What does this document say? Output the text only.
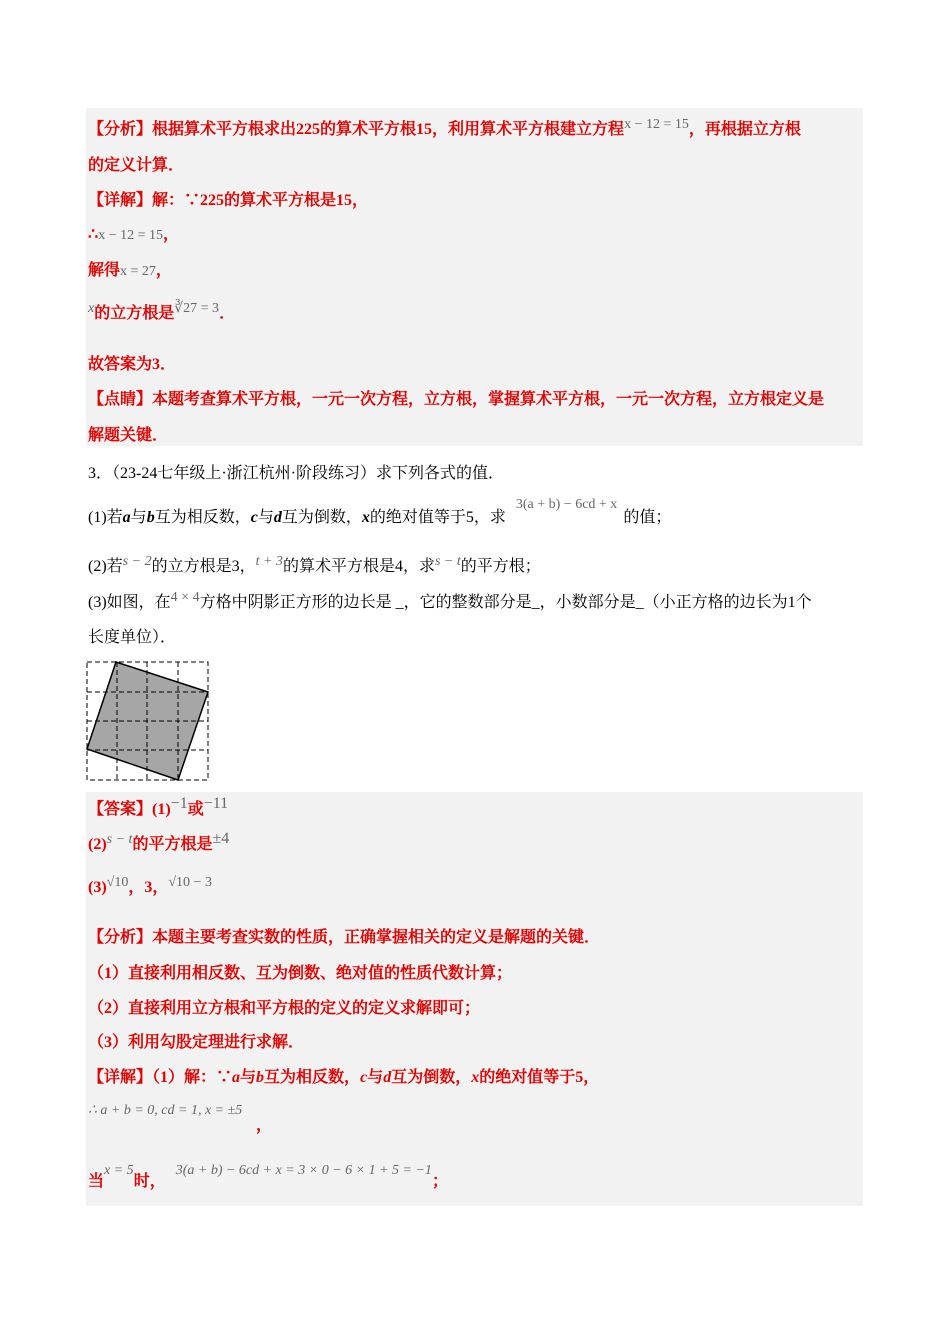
【分析】根据算术平方根求出225的算术平方根15，利用算术平方根建立方程x − 12 = 15，再根据立方根
的定义计算．
【详解】解：∵225的算术平方根是15，
∴x − 12 = 15，
解得x = 27，
x的立方根是∛27 = 3．
故答案为3．
【点睛】本题考查算术平方根，一元一次方程，立方根，掌握算术平方根，一元一次方程，立方根定义是
解题关键．
3．（23-24七年级上·浙江杭州·阶段练习）求下列各式的值．
(1)若a与b互为相反数，c与d互为倒数，x的绝对值等于5，求3(a + b) − 6cd + x的值；
(2)若s − 2的立方根是3，t + 3的算术平方根是4，求s − t的平方根；
(3)如图，在4 × 4方格中阴影正方形的边长是 _，它的整数部分是_，小数部分是_（小正方格的边长为1个
长度单位）．
【答案】(1)−1或−11
(2)s − t的平方根是±4
(3)√10，3，√10 − 3
【分析】本题主要考查实数的性质，正确掌握相关的定义是解题的关键．
（1）直接利用相反数、互为倒数、绝对值的性质代数计算；
（2）直接利用立方根和平方根的定义的定义求解即可；
（3）利用勾股定理进行求解．
【详解】（1）解：∵a与b互为相反数，c与d互为倒数，x的绝对值等于5，
∴ a + b = 0, cd = 1, x = ±5
，
当x = 5时，3(a + b) − 6cd + x = 3 × 0 − 6 × 1 + 5 = −1；
